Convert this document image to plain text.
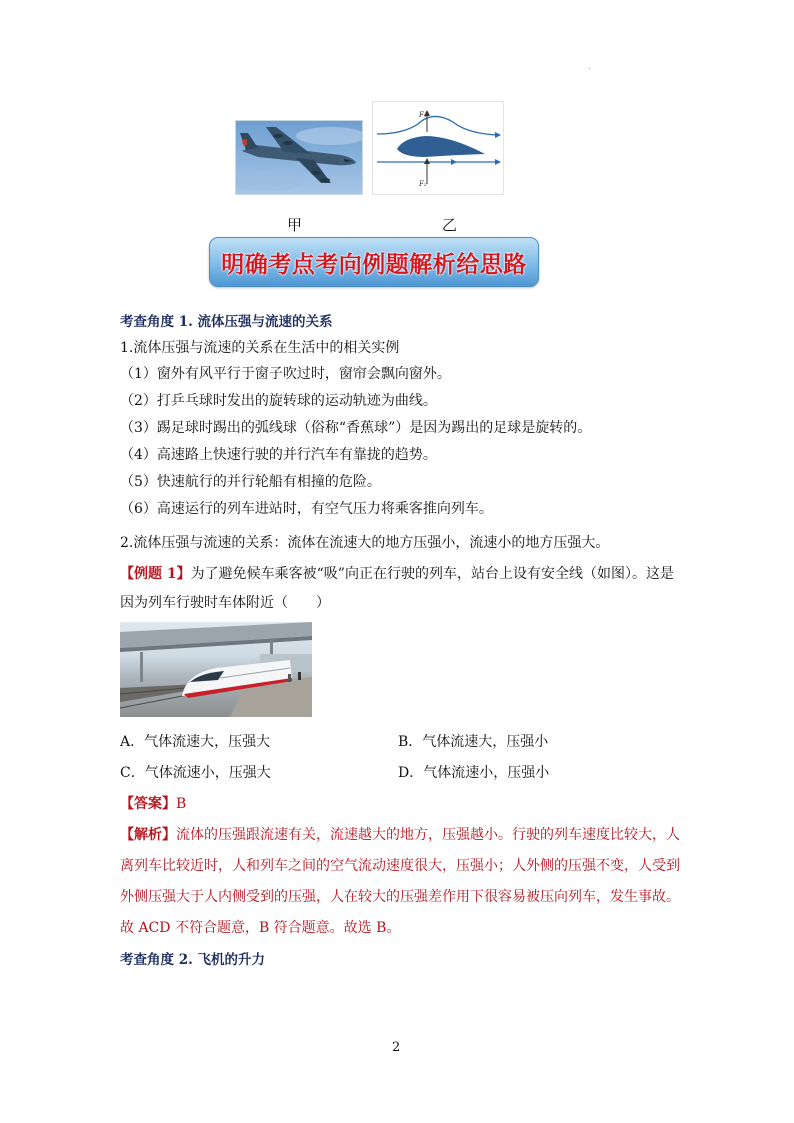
.
F₁
F₂
甲	乙
明确考点考向例题解析给思路
考查角度 1. 流体压强与流速的关系
1.流体压强与流速的关系在生活中的相关实例
（1）窗外有风平行于窗子吹过时，窗帘会飘向窗外。
（2）打乒乓球时发出的旋转球的运动轨迹为曲线。
（3）踢足球时踢出的弧线球（俗称“香蕉球”）是因为踢出的足球是旋转的。
（4）高速路上快速行驶的并行汽车有靠拢的趋势。
（5）快速航行的并行轮船有相撞的危险。
（6）高速运行的列车进站时，有空气压力将乘客推向列车。
2.流体压强与流速的关系：流体在流速大的地方压强小，流速小的地方压强大。
【例题 1】为了避免候车乘客被“吸”向正在行驶的列车，站台上设有安全线（如图）。这是
因为列车行驶时车体附近（　　）
A．气体流速大，压强大	B．气体流速大，压强小
C．气体流速小，压强大	D．气体流速小，压强小
【答案】B
【解析】流体的压强跟流速有关，流速越大的地方，压强越小。行驶的列车速度比较大，人
离列车比较近时，人和列车之间的空气流动速度很大，压强小；人外侧的压强不变，人受到
外侧压强大于人内侧受到的压强，人在较大的压强差作用下很容易被压向列车，发生事故。
故 ACD 不符合题意，B 符合题意。故选 B。
考查角度 2. 飞机的升力
2
